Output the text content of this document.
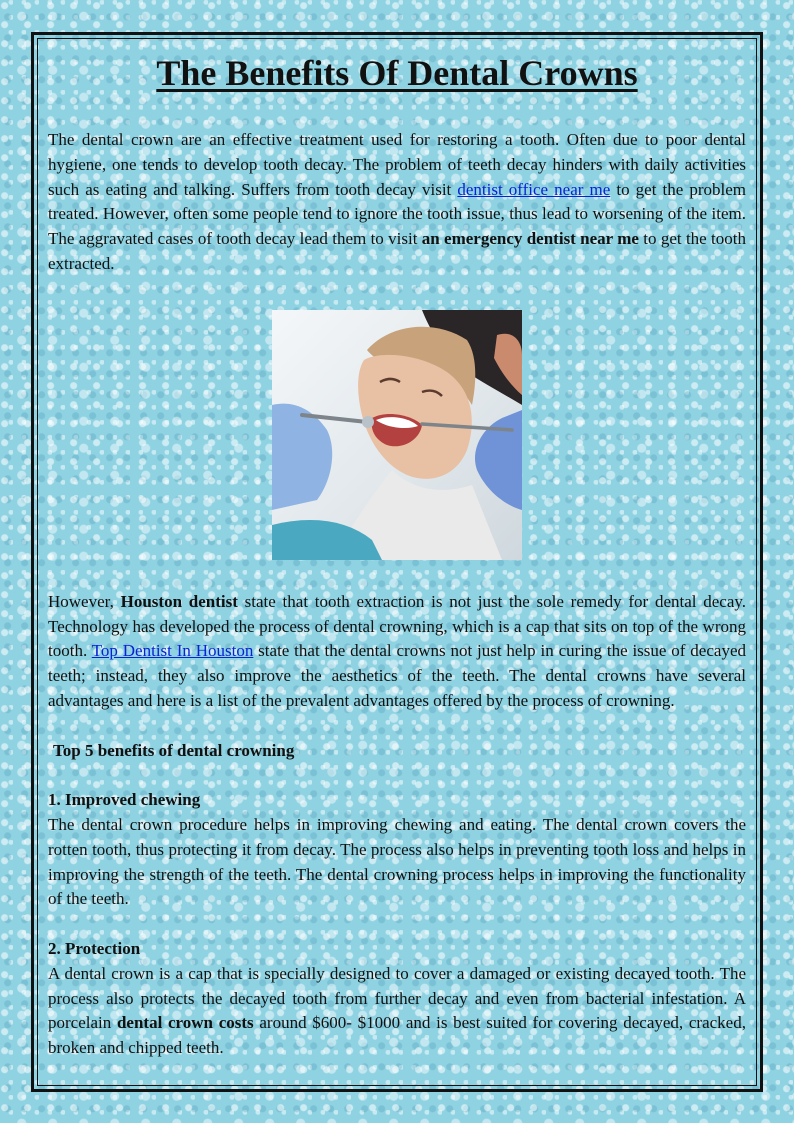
The Benefits Of Dental Crowns

The dental crown are an effective treatment used for restoring a tooth. Often due to poor dental hygiene, one tends to develop tooth decay. The problem of teeth decay hinders with daily activities such as eating and talking. Suffers from tooth decay visit dentist office near me to get the problem treated. However, often some people tend to ignore the tooth issue, thus lead to worsening of the item. The aggravated cases of tooth decay lead them to visit an emergency dentist near me to get the tooth extracted.

However, Houston dentist state that tooth extraction is not just the sole remedy for dental decay. Technology has developed the process of dental crowning, which is a cap that sits on top of the wrong tooth. Top Dentist In Houston state that the dental crowns not just help in curing the issue of decayed teeth; instead, they also improve the aesthetics of the teeth. The dental crowns have several advantages and here is a list of the prevalent advantages offered by the process of crowning.

Top 5 benefits of dental crowning
1. Improved chewing

The dental crown procedure helps in improving chewing and eating. The dental crown covers the rotten tooth, thus protecting it from decay. The process also helps in preventing tooth loss and helps in improving the strength of the teeth. The dental crowning process helps in improving the functionality of the teeth.

2. Protection

A dental crown is a cap that is specially designed to cover a damaged or existing decayed tooth. The process also protects the decayed tooth from further decay and even from bacterial infestation. A porcelain dental crown costs around $600- $1000 and is best suited for covering decayed, cracked, broken and chipped teeth.
